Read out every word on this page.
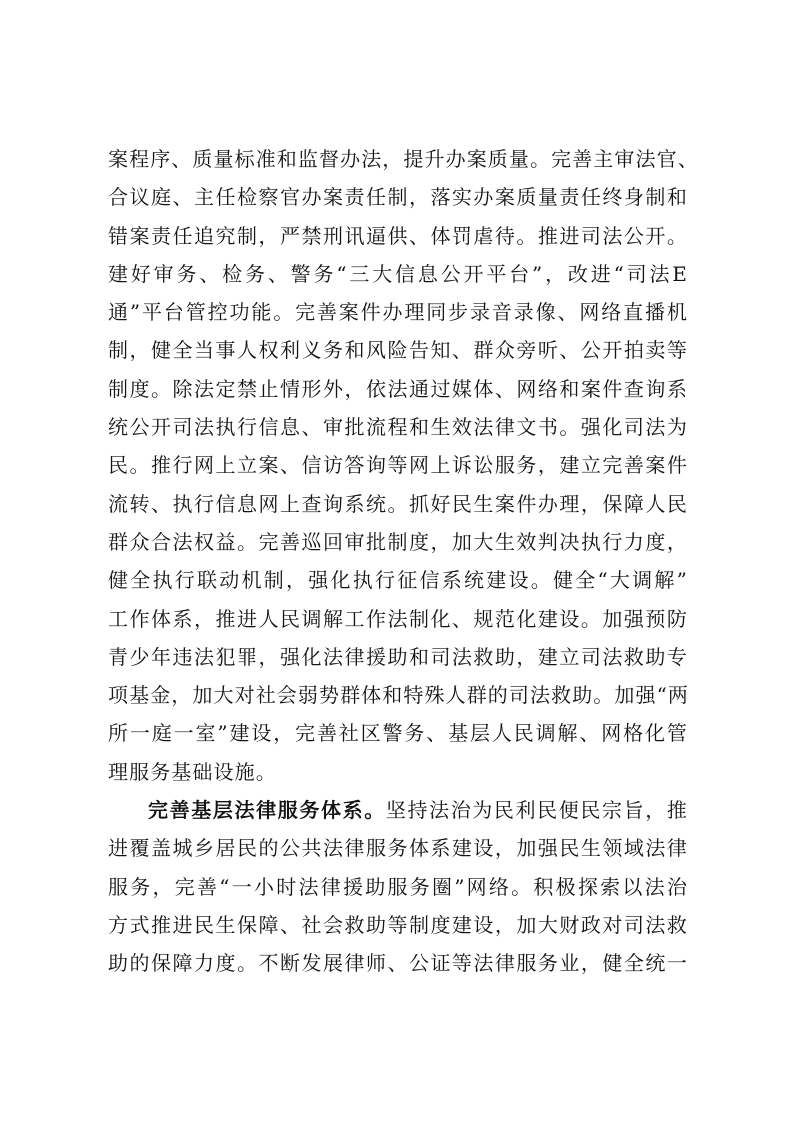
案程序、质量标准和监督办法，提升办案质量。完善主审法官、
合议庭、主任检察官办案责任制，落实办案质量责任终身制和
错案责任追究制，严禁刑讯逼供、体罚虐待。推进司法公开。
建好审务、检务、警务“三大信息公开平台”，改进“司法E
通”平台管控功能。完善案件办理同步录音录像、网络直播机
制，健全当事人权利义务和风险告知、群众旁听、公开拍卖等
制度。除法定禁止情形外，依法通过媒体、网络和案件查询系
统公开司法执行信息、审批流程和生效法律文书。强化司法为
民。推行网上立案、信访答询等网上诉讼服务，建立完善案件
流转、执行信息网上查询系统。抓好民生案件办理，保障人民
群众合法权益。完善巡回审批制度，加大生效判决执行力度，
健全执行联动机制，强化执行征信系统建设。健全“大调解”
工作体系，推进人民调解工作法制化、规范化建设。加强预防
青少年违法犯罪，强化法律援助和司法救助，建立司法救助专
项基金，加大对社会弱势群体和特殊人群的司法救助。加强“两
所一庭一室”建设，完善社区警务、基层人民调解、网格化管
理服务基础设施。
完善基层法律服务体系。坚持法治为民利民便民宗旨，推
进覆盖城乡居民的公共法律服务体系建设，加强民生领域法律
服务，完善“一小时法律援助服务圈”网络。积极探索以法治
方式推进民生保障、社会救助等制度建设，加大财政对司法救
助的保障力度。不断发展律师、公证等法律服务业，健全统一
